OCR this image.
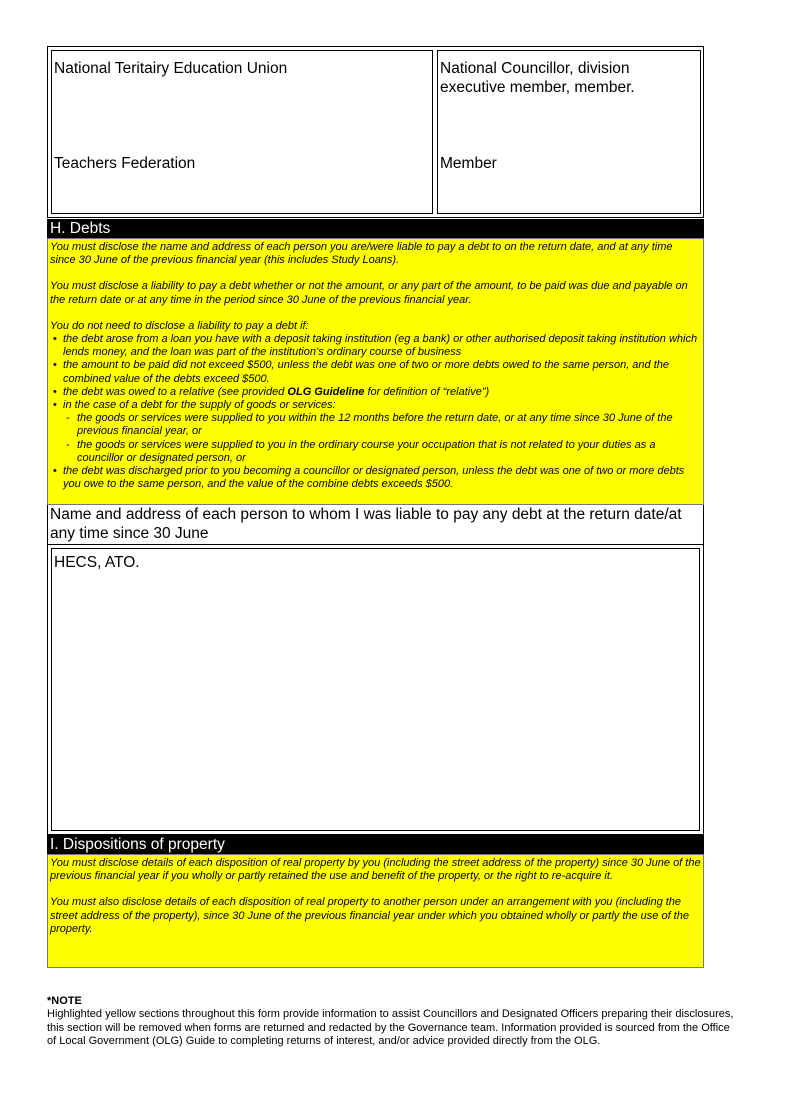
National Teritairy Education Union
Teachers Federation
National Councillor, division
executive member, member.
Member
H. Debts

You must disclose the name and address of each person you are/were liable to pay a debt to on the return date, and at any time since 30 June of the previous financial year (this includes Study Loans).

You must disclose a liability to pay a debt whether or not the amount, or any part of the amount, to be paid was due and payable on the return date or at any time in the period since 30 June of the previous financial year.

You do not need to disclose a liability to pay a debt if:

• the debt arose from a loan you have with a deposit taking institution (eg a bank) or other authorised deposit taking institution which lends money, and the loan was part of the institution’s ordinary course of business
• the amount to be paid did not exceed $500, unless the debt was one of two or more debts owed to the same person, and the combined value of the debts exceed $500.
• the debt was owed to a relative (see provided OLG Guideline for definition of “relative”)
• in the case of a debt for the supply of goods or services:
- the goods or services were supplied to you within the 12 months before the return date, or at any time since 30 June of the previous financial year, or
- the goods or services were supplied to you in the ordinary course your occupation that is not related to your duties as a councillor or designated person, or
• the debt was discharged prior to you becoming a councillor or designated person, unless the debt was one of two or more debts you owe to the same person, and the value of the combine debts exceeds $500.
Name and address of each person to whom I was liable to pay any debt at the return date/at any time since 30 June
HECS, ATO.
I. Dispositions of property

You must disclose details of each disposition of real property by you (including the street address of the property) since 30 June of the previous financial year if you wholly or partly retained the use and benefit of the property, or the right to re-acquire it.

You must also disclose details of each disposition of real property to another person under an arrangement with you (including the street address of the property), since 30 June of the previous financial year under which you obtained wholly or partly the use of the property.

*NOTE
Highlighted yellow sections throughout this form provide information to assist Councillors and Designated Officers preparing their disclosures, this section will be removed when forms are returned and redacted by the Governance team. Information provided is sourced from the Office of Local Government (OLG) Guide to completing returns of interest, and/or advice provided directly from the OLG.
